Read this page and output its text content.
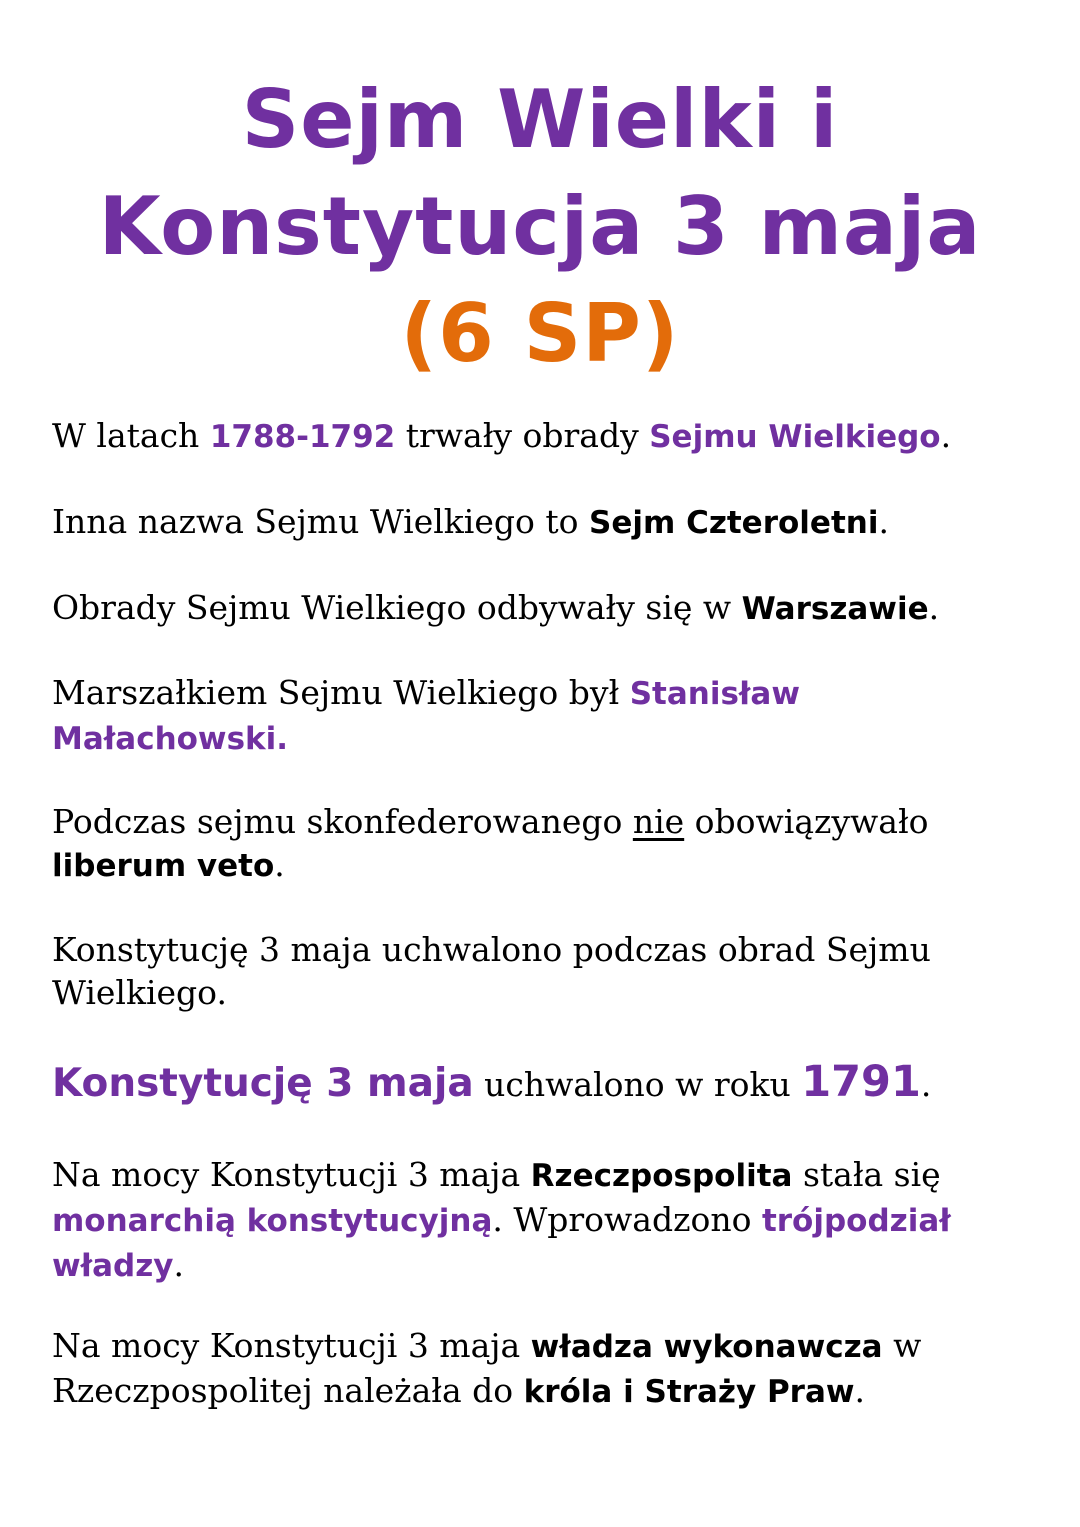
Sejm Wielki i
Konstytucja 3 maja
(6 SP)

W latach 1788-1792 trwały obrady Sejmu Wielkiego.

Inna nazwa Sejmu Wielkiego to Sejm Czteroletni.

Obrady Sejmu Wielkiego odbywały się w Warszawie.

Marszałkiem Sejmu Wielkiego był Stanisław
Małachowski.

Podczas sejmu skonfederowanego nie obowiązywało
liberum veto.

Konstytucję 3 maja uchwalono podczas obrad Sejmu
Wielkiego.

Konstytucję 3 maja uchwalono w roku 1791.

Na mocy Konstytucji 3 maja Rzeczpospolita stała się
monarchią konstytucyjną. Wprowadzono trójpodział
władzy.

Na mocy Konstytucji 3 maja władza wykonawcza w
Rzeczpospolitej należała do króla i Straży Praw.
